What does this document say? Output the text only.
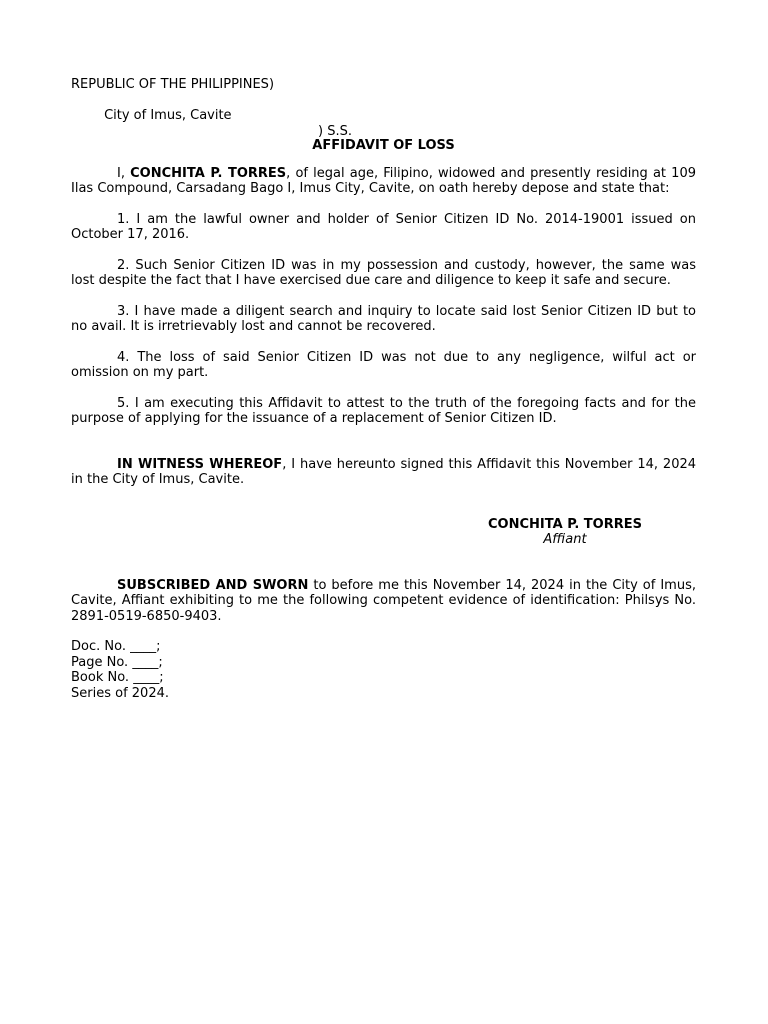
REPUBLIC OF THE PHILIPPINES)

City of Imus, Cavite

) S.S.

AFFIDAVIT OF LOSS

I, CONCHITA P. TORRES, of legal age, Filipino, widowed and presently residing at 109 Ilas Compound, Carsadang Bago I, Imus City, Cavite, on oath hereby depose and state that:

1. I am the lawful owner and holder of Senior Citizen ID No. 2014-19001 issued on October 17, 2016.

2. Such Senior Citizen ID was in my possession and custody, however, the same was lost despite the fact that I have exercised due care and diligence to keep it safe and secure.

3. I have made a diligent search and inquiry to locate said lost Senior Citizen ID but to no avail. It is irretrievably lost and cannot be recovered.

4. The loss of said Senior Citizen ID was not due to any negligence, wilful act or omission on my part.

5. I am executing this Affidavit to attest to the truth of the foregoing facts and for the purpose of applying for the issuance of a replacement of Senior Citizen ID.

IN WITNESS WHEREOF, I have hereunto signed this Affidavit this November 14, 2024 in the City of Imus, Cavite.

CONCHITA P. TORRES
Affiant

SUBSCRIBED AND SWORN to before me this November 14, 2024 in the City of Imus, Cavite, Affiant exhibiting to me the following competent evidence of identification: Philsys No. 2891-0519-6850-9403.

Doc. No. ____;
Page No. ____;
Book No. ____;
Series of 2024.
